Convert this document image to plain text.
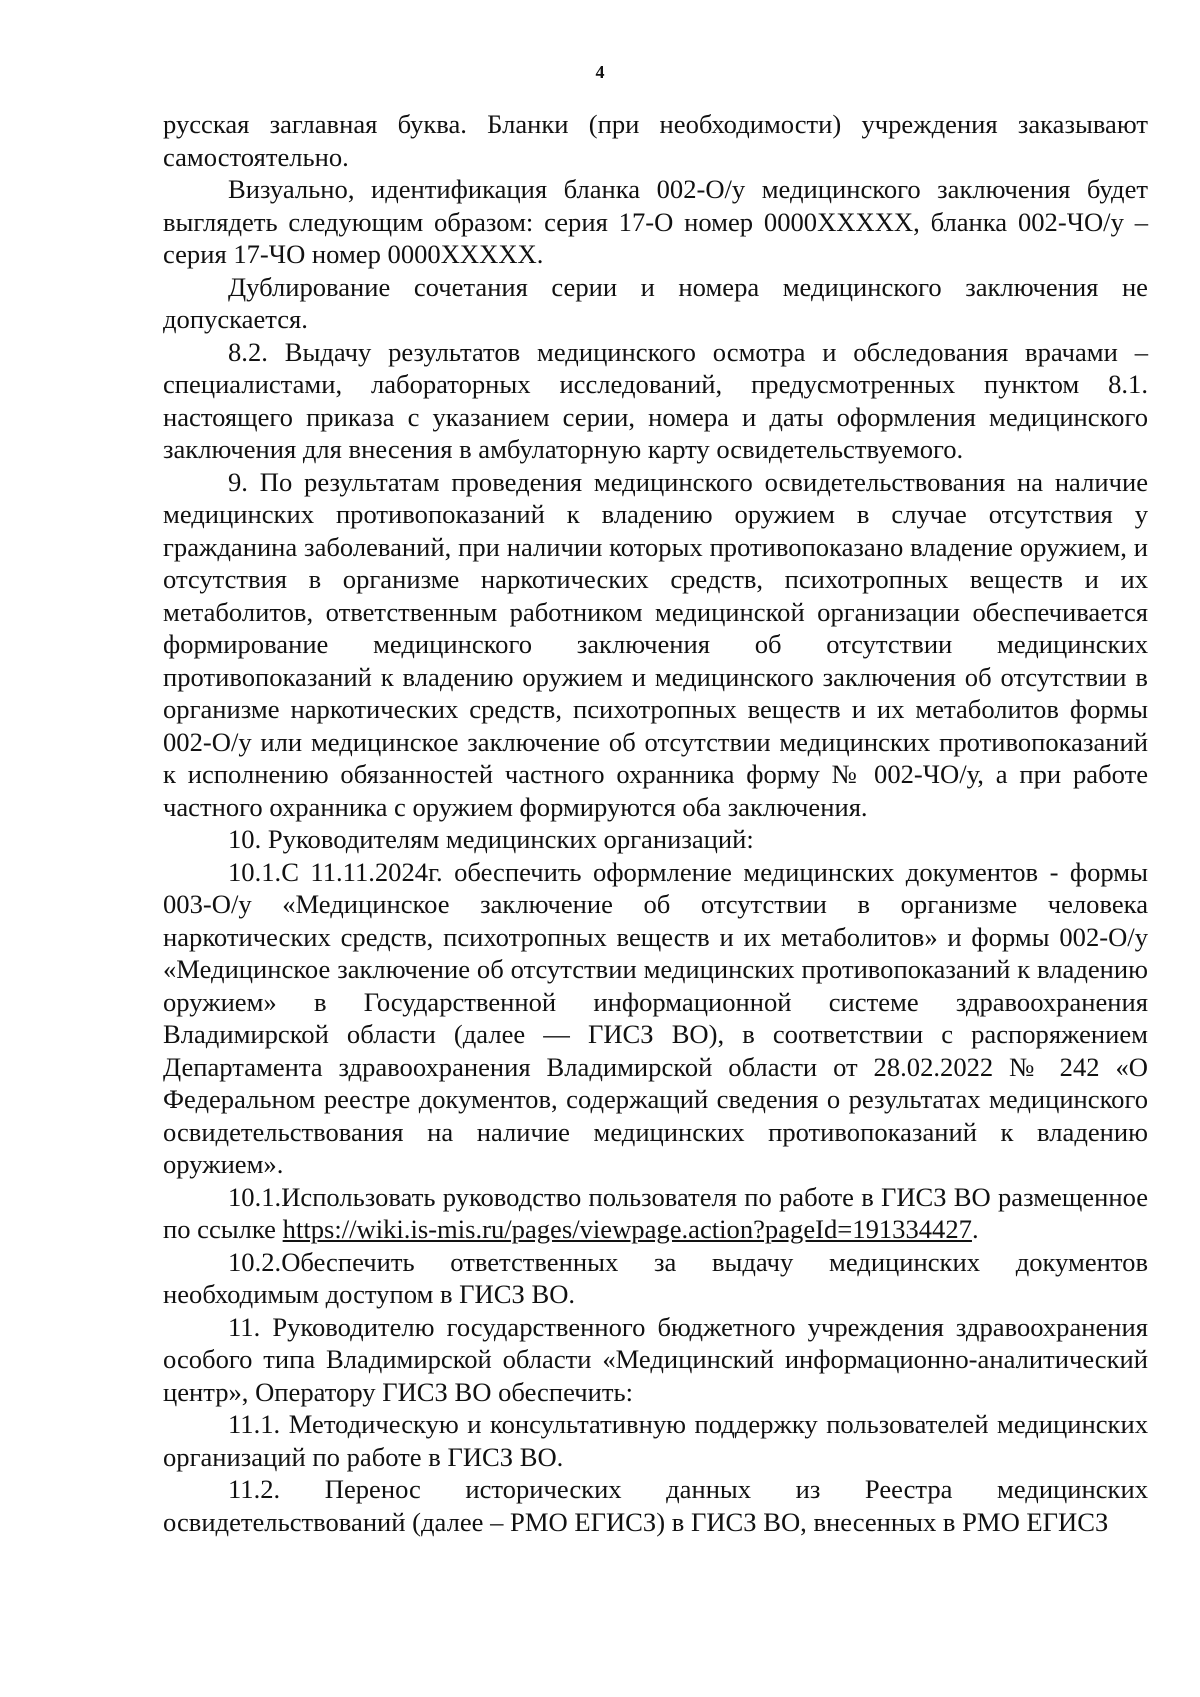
4

русская заглавная буква. Бланки (при необходимости) учреждения заказывают самостоятельно.

Визуально, идентификация бланка 002-О/у медицинского заключения будет выглядеть следующим образом: серия 17-О номер 0000XXXXX, бланка 002-ЧО/у – серия 17-ЧО номер 0000XXXXX.

Дублирование сочетания серии и номера медицинского заключения не допускается.

8.2. Выдачу результатов медицинского осмотра и обследования врачами – специалистами, лабораторных исследований, предусмотренных пунктом 8.1. настоящего приказа с указанием серии, номера и даты оформления медицинского заключения для внесения в амбулаторную карту освидетельствуемого.

9. По результатам проведения медицинского освидетельствования на наличие медицинских противопоказаний к владению оружием в случае отсутствия у гражданина заболеваний, при наличии которых противопоказано владение оружием, и отсутствия в организме наркотических средств, психотропных веществ и их метаболитов, ответственным работником медицинской организации обеспечивается формирование медицинского заключения об отсутствии медицинских противопоказаний к владению оружием и медицинского заключения об отсутствии в организме наркотических средств, психотропных веществ и их метаболитов формы 002-О/у или медицинское заключение об отсутствии медицинских противопоказаний к исполнению обязанностей частного охранника форму № 002-ЧО/у, а при работе частного охранника с оружием формируются оба заключения.

10. Руководителям медицинских организаций:

10.1.С 11.11.2024г. обеспечить оформление медицинских документов - формы 003-О/у «Медицинское заключение об отсутствии в организме человека наркотических средств, психотропных веществ и их метаболитов» и формы 002-О/у «Медицинское заключение об отсутствии медицинских противопоказаний к владению оружием» в Государственной информационной системе здравоохранения Владимирской области (далее — ГИСЗ ВО), в соответствии с распоряжением Департамента здравоохранения Владимирской области от 28.02.2022 № 242 «О Федеральном реестре документов, содержащий сведения о результатах медицинского освидетельствования на наличие медицинских противопоказаний к владению оружием».

10.1.Использовать руководство пользователя по работе в ГИСЗ ВО размещенное по ссылке https://wiki.is-mis.ru/pages/viewpage.action?pageId=191334427.

10.2.Обеспечить ответственных за выдачу медицинских документов необходимым доступом в ГИСЗ ВО.

11. Руководителю государственного бюджетного учреждения здравоохранения особого типа Владимирской области «Медицинский информационно-аналитический центр», Оператору ГИСЗ ВО обеспечить:

11.1. Методическую и консультативную поддержку пользователей медицинских организаций по работе в ГИСЗ ВО.

11.2. Перенос исторических данных из Реестра медицинских освидетельствований (далее – РМО ЕГИСЗ) в ГИСЗ ВО, внесенных в РМО ЕГИСЗ
